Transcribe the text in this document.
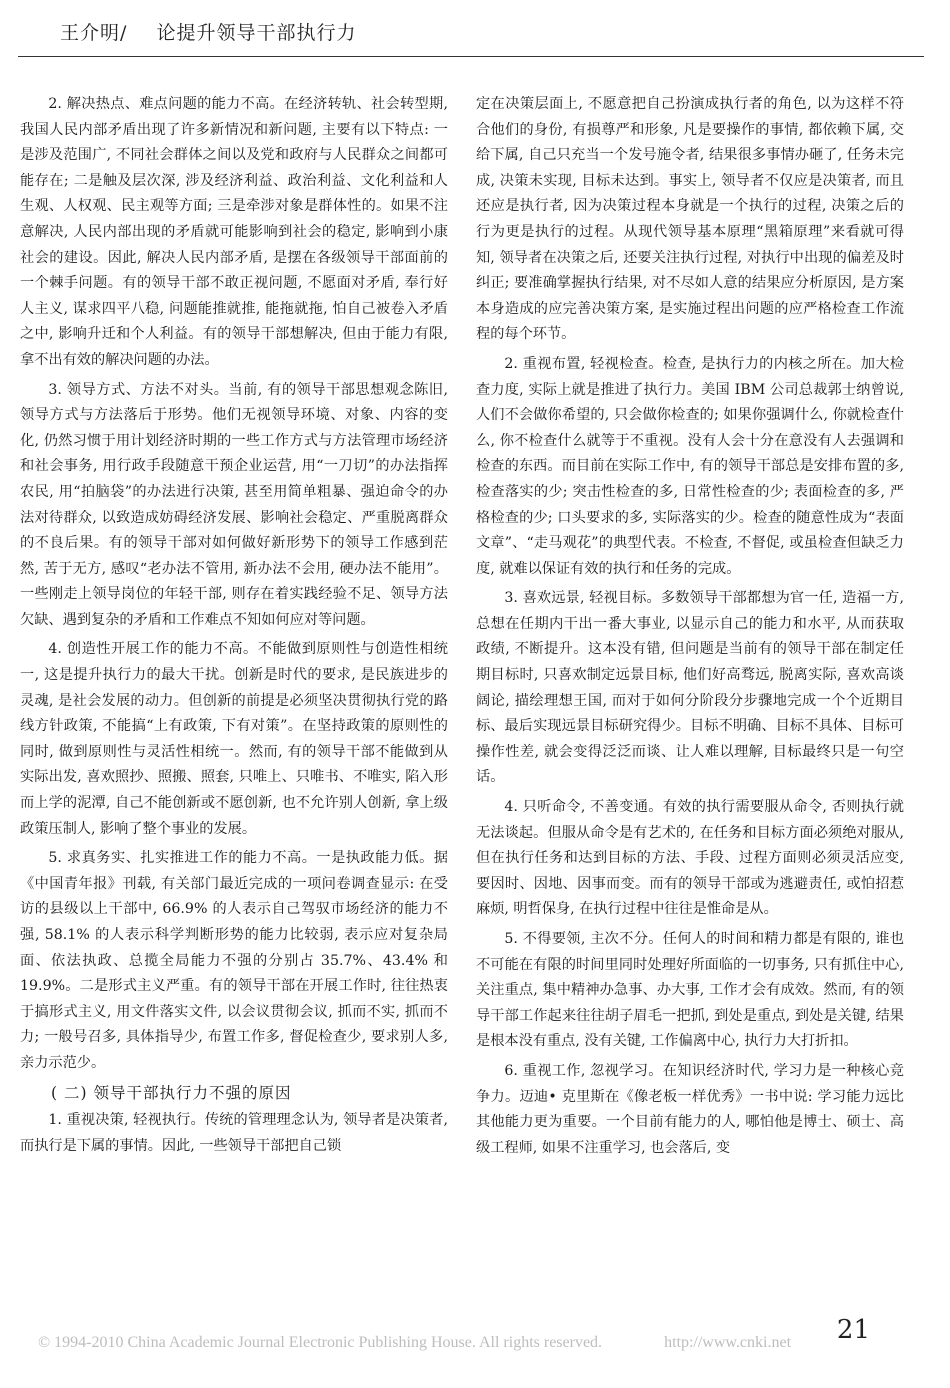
王介明/ 论提升领导干部执行力

2. 解决热点、难点问题的能力不高。在经济转轨、社会转型期, 我国人民内部矛盾出现了许多新情况和新问题, 主要有以下特点: 一是涉及范围广, 不同社会群体之间以及党和政府与人民群众之间都可能存在; 二是触及层次深, 涉及经济利益、政治利益、文化利益和人生观、人权观、民主观等方面; 三是牵涉对象是群体性的。如果不注意解决, 人民内部出现的矛盾就可能影响到社会的稳定, 影响到小康社会的建设。因此, 解决人民内部矛盾, 是摆在各级领导干部面前的一个棘手问题。有的领导干部不敢正视问题, 不愿面对矛盾, 奉行好人主义, 谋求四平八稳, 问题能推就推, 能拖就拖, 怕自己被卷入矛盾之中, 影响升迁和个人利益。有的领导干部想解决, 但由于能力有限, 拿不出有效的解决问题的办法。

3. 领导方式、方法不对头。当前, 有的领导干部思想观念陈旧, 领导方式与方法落后于形势。他们无视领导环境、对象、内容的变化, 仍然习惯于用计划经济时期的一些工作方式与方法管理市场经济和社会事务, 用行政手段随意干预企业运营, 用“一刀切”的办法指挥农民, 用“拍脑袋”的办法进行决策, 甚至用简单粗暴、强迫命令的办法对待群众, 以致造成妨碍经济发展、影响社会稳定、严重脱离群众的不良后果。有的领导干部对如何做好新形势下的领导工作感到茫然, 苦于无方, 感叹“老办法不管用, 新办法不会用, 硬办法不能用”。一些刚走上领导岗位的年轻干部, 则存在着实践经验不足、领导方法欠缺、遇到复杂的矛盾和工作难点不知如何应对等问题。

4. 创造性开展工作的能力不高。不能做到原则性与创造性相统一, 这是提升执行力的最大干扰。创新是时代的要求, 是民族进步的灵魂, 是社会发展的动力。但创新的前提是必须坚决贯彻执行党的路线方针政策, 不能搞“上有政策, 下有对策”。在坚持政策的原则性的同时, 做到原则性与灵活性相统一。然而, 有的领导干部不能做到从实际出发, 喜欢照抄、照搬、照套, 只唯上、只唯书、不唯实, 陷入形而上学的泥潭, 自己不能创新或不愿创新, 也不允许别人创新, 拿上级政策压制人, 影响了整个事业的发展。

5. 求真务实、扎实推进工作的能力不高。一是执政能力低。据《中国青年报》刊载, 有关部门最近完成的一项问卷调查显示: 在受访的县级以上干部中, 66.9% 的人表示自己驾驭市场经济的能力不强, 58.1% 的人表示科学判断形势的能力比较弱, 表示应对复杂局面、依法执政、总揽全局能力不强的分别占 35.7%、43.4% 和 19.9%。二是形式主义严重。有的领导干部在开展工作时, 往往热衷于搞形式主义, 用文件落实文件, 以会议贯彻会议, 抓而不实, 抓而不力; 一般号召多, 具体指导少, 布置工作多, 督促检查少, 要求别人多, 亲力示范少。

( 二) 领导干部执行力不强的原因

1. 重视决策, 轻视执行。传统的管理理念认为, 领导者是决策者, 而执行是下属的事情。因此, 一些领导干部把自己锁

定在决策层面上, 不愿意把自己扮演成执行者的角色, 以为这样不符合他们的身份, 有损尊严和形象, 凡是要操作的事情, 都依赖下属, 交给下属, 自己只充当一个发号施令者, 结果很多事情办砸了, 任务未完成, 决策未实现, 目标未达到。事实上, 领导者不仅应是决策者, 而且还应是执行者, 因为决策过程本身就是一个执行的过程, 决策之后的行为更是执行的过程。从现代领导基本原理“黑箱原理”来看就可得知, 领导者在决策之后, 还要关注执行过程, 对执行中出现的偏差及时纠正; 要准确掌握执行结果, 对不尽如人意的结果应分析原因, 是方案本身造成的应完善决策方案, 是实施过程出问题的应严格检查工作流程的每个环节。

2. 重视布置, 轻视检查。检查, 是执行力的内核之所在。加大检查力度, 实际上就是推进了执行力。美国 IBM 公司总裁郭士纳曾说, 人们不会做你希望的, 只会做你检查的; 如果你强调什么, 你就检查什么, 你不检查什么就等于不重视。没有人会十分在意没有人去强调和检查的东西。而目前在实际工作中, 有的领导干部总是安排布置的多, 检查落实的少; 突击性检查的多, 日常性检查的少; 表面检查的多, 严格检查的少; 口头要求的多, 实际落实的少。检查的随意性成为“表面文章”、“走马观花”的典型代表。不检查, 不督促, 或虽检查但缺乏力度, 就难以保证有效的执行和任务的完成。

3. 喜欢远景, 轻视目标。多数领导干部都想为官一任, 造福一方, 总想在任期内干出一番大事业, 以显示自己的能力和水平, 从而获取政绩, 不断提升。这本没有错, 但问题是当前有的领导干部在制定任期目标时, 只喜欢制定远景目标, 他们好高骛远, 脱离实际, 喜欢高谈阔论, 描绘理想王国, 而对于如何分阶段分步骤地完成一个个近期目标、最后实现远景目标研究得少。目标不明确、目标不具体、目标可操作性差, 就会变得泛泛而谈、让人难以理解, 目标最终只是一句空话。

4. 只听命令, 不善变通。有效的执行需要服从命令, 否则执行就无法谈起。但服从命令是有艺术的, 在任务和目标方面必须绝对服从, 但在执行任务和达到目标的方法、手段、过程方面则必须灵活应变, 要因时、因地、因事而变。而有的领导干部或为逃避责任, 或怕招惹麻烦, 明哲保身, 在执行过程中往往是惟命是从。

5. 不得要领, 主次不分。任何人的时间和精力都是有限的, 谁也不可能在有限的时间里同时处理好所面临的一切事务, 只有抓住中心, 关注重点, 集中精神办急事、办大事, 工作才会有成效。然而, 有的领导干部工作起来往往胡子眉毛一把抓, 到处是重点, 到处是关键, 结果是根本没有重点, 没有关键, 工作偏离中心, 执行力大打折扣。

6. 重视工作, 忽视学习。在知识经济时代, 学习力是一种核心竞争力。迈迪• 克里斯在《像老板一样优秀》一书中说: 学习能力远比其他能力更为重要。一个目前有能力的人, 哪怕他是博士、硕士、高级工程师, 如果不注重学习, 也会落后, 变

21
© 1994-2010 China Academic Journal Electronic Publishing House. All rights reserved.	http://www.cnki.net
